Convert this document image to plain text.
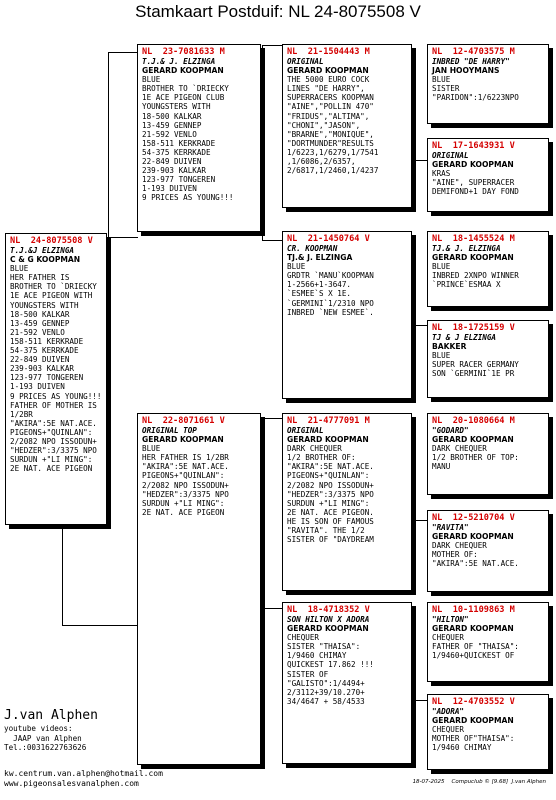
Stamkaart Postduif: NL 24-8075508 V
NL  24-8075508 V
T.J.&J ELZINGA
C & G KOOPMAN
BLUE
HER FATHER IS
BROTHER TO `DRIECKY
1E ACE PIGEON WITH
YOUNGSTERS WITH
18-500 KALKAR
13-459 GENNEP
21-592 VENLO
158-511 KERKRADE
54-375 KERRKADE
22-849 DUIVEN
239-903 KALKAR
123-977 TONGEREN
1-193 DUIVEN
9 PRICES AS YOUNG!!!
FATHER OF MOTHER IS
1/2BR
"AKIRA":5E NAT.ACE.
PIGEONS+"QUINLAN":
2/2082 NPO ISSODUN+
"HEDZER":3/3375 NPO
SURDUN +"LI MING":
2E NAT. ACE PIGEON
NL  23-7081633 M
T.J.& J. ELZINGA
GERARD KOOPMAN
BLUE
BROTHER TO `DRIECKY
1E ACE PIGEON CLUB
YOUNGSTERS WITH
18-500 KALKAR
13-459 GENNEP
21-592 VENLO
158-511 KERKRADE
54-375 KERRKADE
22-849 DUIVEN
239-903 KALKAR
123-977 TONGEREN
1-193 DUIVEN
9 PRICES AS YOUNG!!!
NL  22-8071661 V
ORIGINAL TOP
GERARD KOOPMAN
BLUE
HER FATHER IS 1/2BR
"AKIRA":5E NAT.ACE.
PIGEONS+"QUINLAN":
2/2082 NPO ISSODUN+
"HEDZER":3/3375 NPO
SURDUN +"LI MING":
2E NAT. ACE PIGEON
NL  21-1504443 M
ORIGINAL
GERARD KOOPMAN
THE 5000 EURO COCK
LINES "DE HARRY",
SUPERRACERS KOOPMAN
"AINE","POLLIN 470"
"FRIDUS","ALTIMA",
"CHONI","JASON",
"BRARNE","MONIQUE",
"DORTMUNDER"RESULTS
1/6223,1/6279,1/7541
,1/6086,2/6357,
2/6817,1/2460,1/4237
NL  21-1450764 V
CR. KOOPMAN
TJ.& J. ELZINGA
BLUE
GRDTR `MANU`KOOPMAN
1-2566+1-3647.
`ESMEE`S X 1E.
`GERMINI`1/2310 NPO
INBRED `NEW ESMEE`.
NL  21-4777091 M
ORIGINAL
GERARD KOOPMAN
DARK CHEQUER
1/2 BROTHER OF:
"AKIRA":5E NAT.ACE.
PIGEONS+"QUINLAN":
2/2082 NPO ISSODUN+
"HEDZER":3/3375 NPO
SURDUN +"LI MING":
2E NAT. ACE PIGEON.
HE IS SON OF FAMOUS
"RAVITA". THE 1/2
SISTER OF "DAYDREAM
NL  18-4718352 V
SON HILTON X ADORA
GERARD KOOPMAN
CHEQUER
SISTER "THAISA":
1/9460 CHIMAY
QUICKEST 17.862 !!!
SISTER OF
"GALISTO":1/4494+
2/3112+39/10.270+
34/4647 + 58/4533
NL  12-4703575 M
INBRED "DE HARRY"
JAN HOOYMANS
BLUE
SISTER
"PARIDON":1/6223NPO
NL  17-1643931 V
ORIGINAL
GERARD KOOPMAN
KRAS
"AINE", SUPERRACER
DEMIFOND+1 DAY FOND
NL  18-1455524 M
TJ.& J. ELZINGA
GERARD KOOPMAN
BLUE
INBRED 2XNPO WINNER
`PRINCE`ESMAA X
NL  18-1725159 V
TJ & J ELZINGA
BAKKER
BLUE
SUPER RACER GERMANY
SON `GERMINI`1E PR
NL  20-1080664 M
"GODARD"
GERARD KOOPMAN
DARK CHEQUER
1/2 BROTHER OF TOP:
MANU
NL  12-5210704 V
"RAVITA"
GERARD KOOPMAN
DARK CHEQUER
MOTHER OF:
"AKIRA":5E NAT.ACE.
NL  10-1109863 M
"HILTON"
GERARD KOOPMAN
CHEQUER
FATHER OF "THAISA":
1/9460+QUICKEST OF
NL  12-4703552 V
"ADORA"
GERARD KOOPMAN
CHEQUER
MOTHER OF"THAISA":
1/9460 CHIMAY
J.van Alphen
youtube videos:
JAAP van Alphen
Tel.:0031622763626
kw.centrum.van.alphen@hotmail.com
www.pigeonsalesvanalphen.com	18-07-2025    Compuclub © [9.68]  J.van Alphen
